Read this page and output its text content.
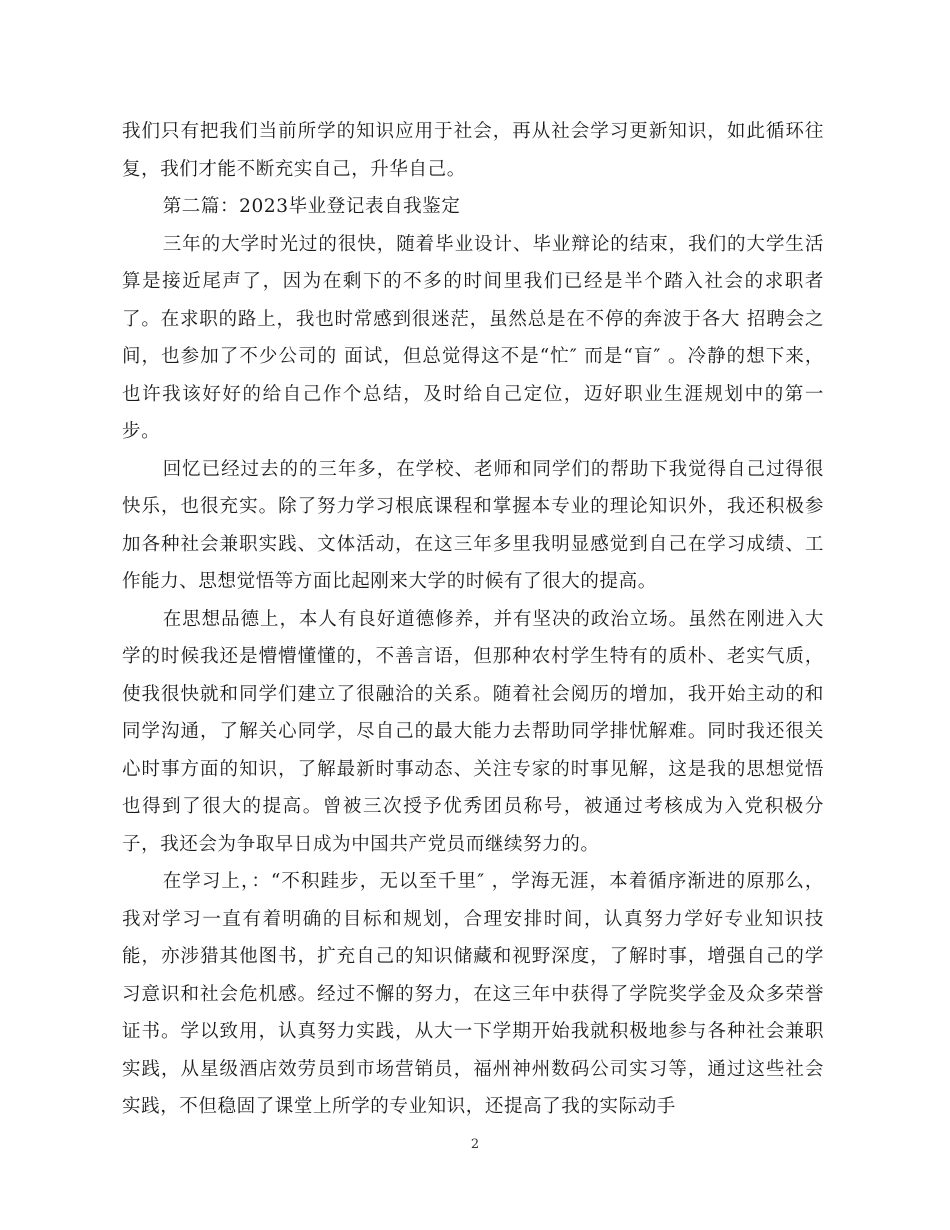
我们只有把我们当前所学的知识应用于社会，再从社会学习更新知识，如此循环往复，我们才能不断充实自己，升华自己。

第二篇：2023毕业登记表自我鉴定

三年的大学时光过的很快，随着毕业设计、毕业辩论的结束，我们的大学生活算是接近尾声了，因为在剩下的不多的时间里我们已经是半个踏入社会的求职者了。在求职的路上，我也时常感到很迷茫，虽然总是在不停的奔波于各大 招聘会之间，也参加了不少公司的 面试，但总觉得这不是“忙″ 而是“盲″ 。冷静的想下来，也许我该好好的给自己作个总结，及时给自己定位，迈好职业生涯规划中的第一步。

回忆已经过去的的三年多，在学校、老师和同学们的帮助下我觉得自己过得很快乐，也很充实。除了努力学习根底课程和掌握本专业的理论知识外，我还积极参加各种社会兼职实践、文体活动，在这三年多里我明显感觉到自己在学习成绩、工作能力、思想觉悟等方面比起刚来大学的时候有了很大的提高。

在思想品德上，本人有良好道德修养，并有坚决的政治立场。虽然在刚进入大学的时候我还是懵懵懂懂的，不善言语，但那种农村学生特有的质朴、老实气质，使我很快就和同学们建立了很融洽的关系。随着社会阅历的增加，我开始主动的和同学沟通，了解关心同学，尽自己的最大能力去帮助同学排忧解难。同时我还很关心时事方面的知识，了解最新时事动态、关注专家的时事见解，这是我的思想觉悟也得到了很大的提高。曾被三次授予优秀团员称号，被通过考核成为入党积极分子，我还会为争取早日成为中国共产党员而继续努力的。

在学习上，：“不积跬步，无以至千里″ ，学海无涯，本着循序渐进的原那么，我对学习一直有着明确的目标和规划，合理安排时间，认真努力学好专业知识技能，亦涉猎其他图书，扩充自己的知识储藏和视野深度，了解时事，增强自己的学习意识和社会危机感。经过不懈的努力，在这三年中获得了学院奖学金及众多荣誉证书。学以致用，认真努力实践，从大一下学期开始我就积极地参与各种社会兼职实践，从星级酒店效劳员到市场营销员，福州神州数码公司实习等，通过这些社会实践，不但稳固了课堂上所学的专业知识，还提高了我的实际动手

2
